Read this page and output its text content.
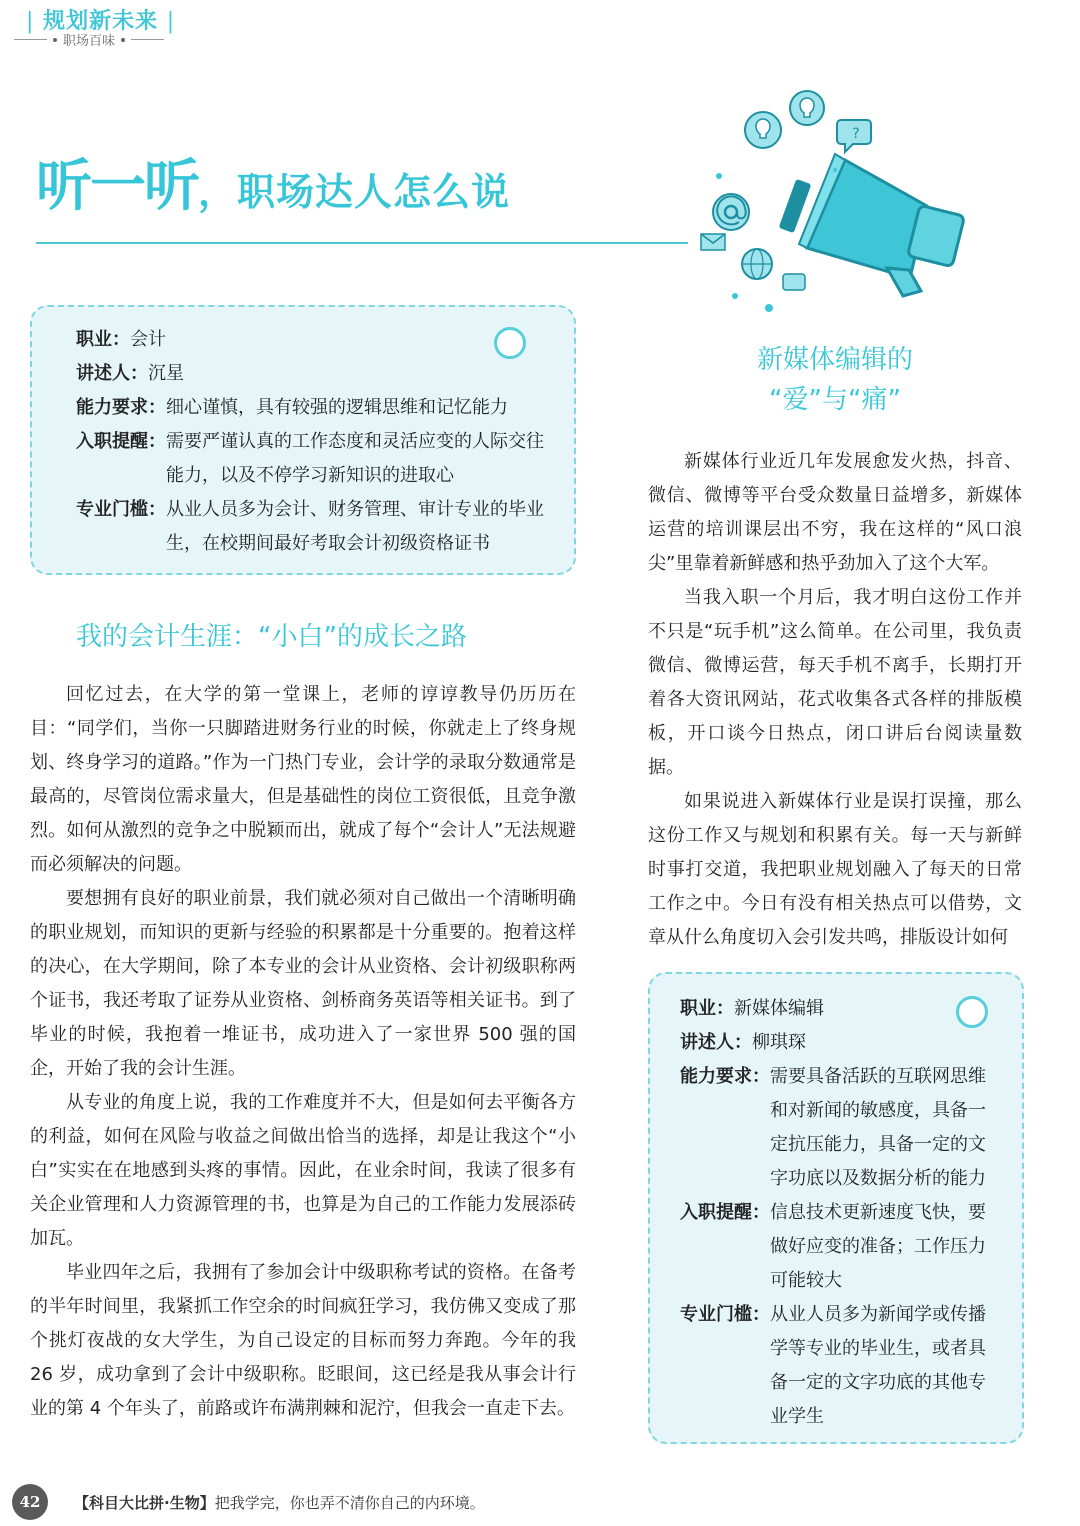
| 规划新未来 |
职场百味
听一听，职场达人怎么说
?
职业： 会计
讲述人： 沉星
能力要求： 细心谨慎，具有较强的逻辑思维和记忆能力
入职提醒： 需要严谨认真的工作态度和灵活应变的人际交往能力，以及不停学习新知识的进取心
专业门槛： 从业人员多为会计、财务管理、审计专业的毕业生，在校期间最好考取会计初级资格证书
我的会计生涯：“小白”的成长之路

回忆过去，在大学的第一堂课上，老师的谆谆教导仍历历在目：“同学们，当你一只脚踏进财务行业的时候，你就走上了终身规划、终身学习的道路。”作为一门热门专业，会计学的录取分数通常是最高的，尽管岗位需求量大，但是基础性的岗位工资很低，且竞争激烈。如何从激烈的竞争之中脱颖而出，就成了每个“会计人”无法规避而必须解决的问题。

要想拥有良好的职业前景，我们就必须对自己做出一个清晰明确的职业规划，而知识的更新与经验的积累都是十分重要的。抱着这样的决心，在大学期间，除了本专业的会计从业资格、会计初级职称两个证书，我还考取了证券从业资格、剑桥商务英语等相关证书。到了毕业的时候，我抱着一堆证书，成功进入了一家世界 500 强的国企，开始了我的会计生涯。

从专业的角度上说，我的工作难度并不大，但是如何去平衡各方的利益，如何在风险与收益之间做出恰当的选择，却是让我这个“小白”实实在在地感到头疼的事情。因此，在业余时间，我读了很多有关企业管理和人力资源管理的书，也算是为自己的工作能力发展添砖加瓦。

毕业四年之后，我拥有了参加会计中级职称考试的资格。在备考的半年时间里，我紧抓工作空余的时间疯狂学习，我仿佛又变成了那个挑灯夜战的女大学生，为自己设定的目标而努力奔跑。今年的我 26 岁，成功拿到了会计中级职称。眨眼间，这已经是我从事会计行业的第 4 个年头了，前路或许布满荆棘和泥泞，但我会一直走下去。

新媒体编辑的
“爱”与“痛”

新媒体行业近几年发展愈发火热，抖音、微信、微博等平台受众数量日益增多，新媒体运营的培训课层出不穷，我在这样的“风口浪尖”里靠着新鲜感和热乎劲加入了这个大军。

当我入职一个月后，我才明白这份工作并不只是“玩手机”这么简单。在公司里，我负责微信、微博运营，每天手机不离手，长期打开着各大资讯网站，花式收集各式各样的排版模板，开口谈今日热点，闭口讲后台阅读量数据。

如果说进入新媒体行业是误打误撞，那么这份工作又与规划和积累有关。每一天与新鲜时事打交道，我把职业规划融入了每天的日常工作之中。今日有没有相关热点可以借势，文章从什么角度切入会引发共鸣，排版设计如何

职业： 新媒体编辑
讲述人： 柳琪琛
能力要求： 需要具备活跃的互联网思维和对新闻的敏感度，具备一定抗压能力，具备一定的文字功底以及数据分析的能力
入职提醒： 信息技术更新速度飞快，要做好应变的准备；工作压力可能较大
专业门槛： 从业人员多为新闻学或传播学等专业的毕业生，或者具备一定的文字功底的其他专业学生
42	【科目大比拼·生物】把我学完，你也弄不清你自己的内环境。
